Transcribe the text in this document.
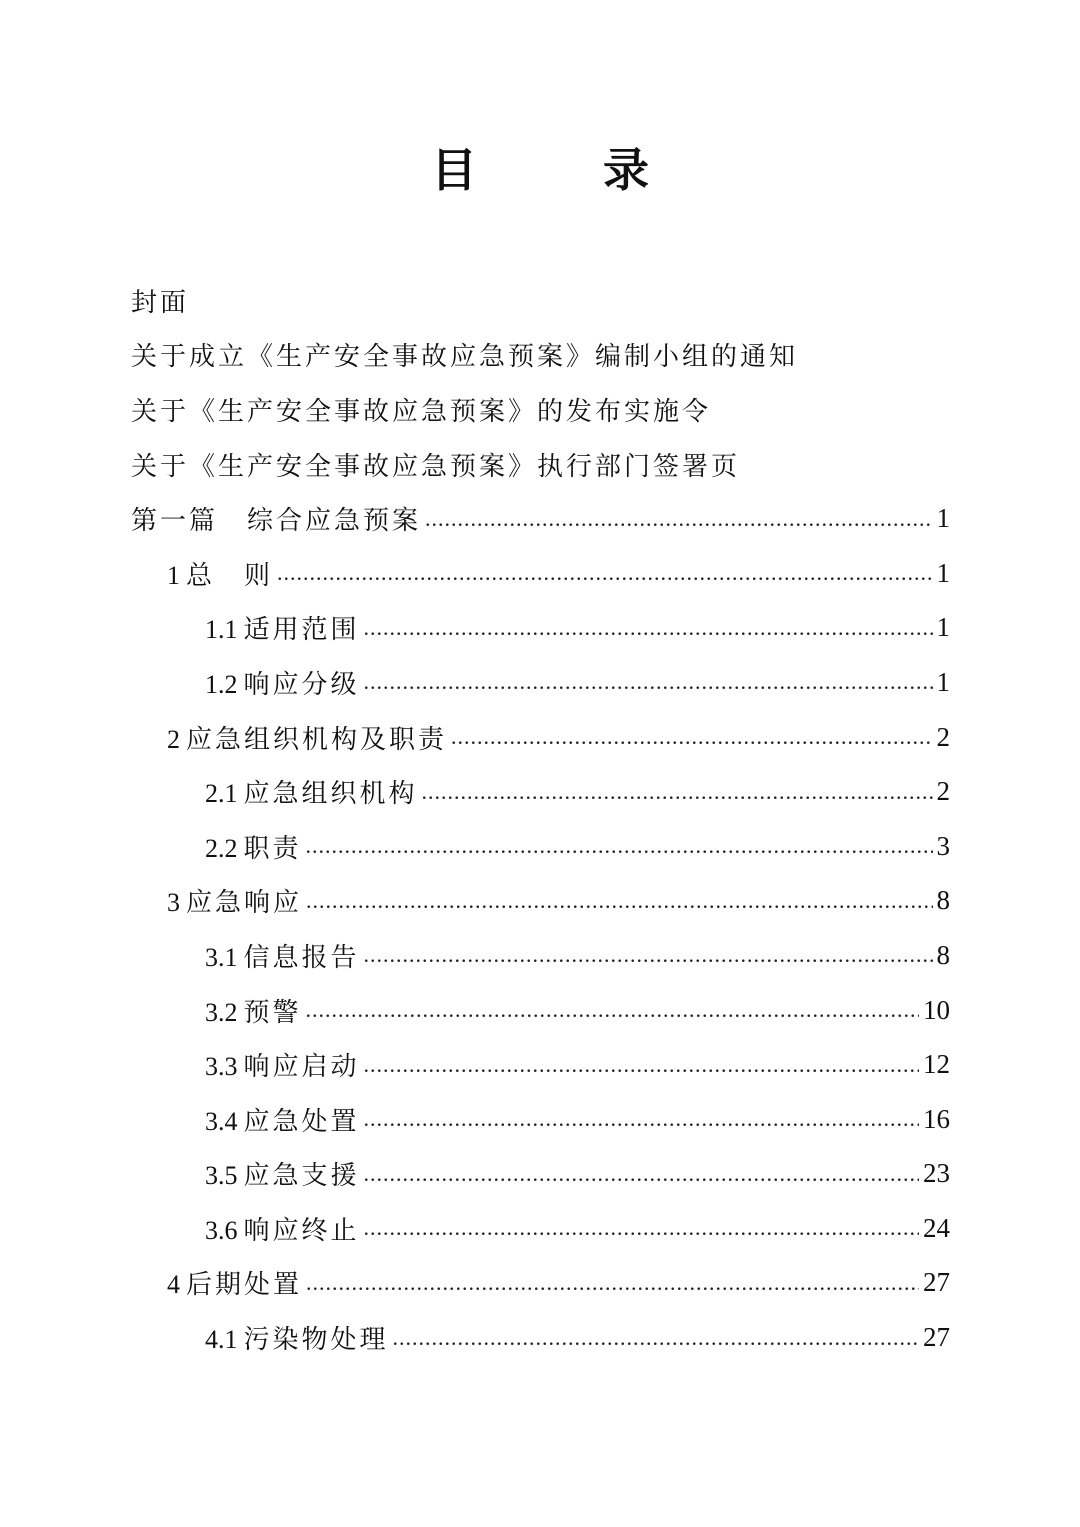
目　录
封面
关于成立《生产安全事故应急预案》编制小组的通知
关于《生产安全事故应急预案》的发布实施令
关于《生产安全事故应急预案》执行部门签署页
第一篇　综合应急预案 .....	1
1 总　则 .....	1
1.1 适用范围 .....	1
1.2 响应分级 .....	1
2 应急组织机构及职责 .....	2
2.1 应急组织机构 .....	2
2.2 职责 .....	3
3 应急响应 .....	8
3.1 信息报告 .....	8
3.2 预警 .....	10
3.3 响应启动 .....	12
3.4 应急处置 .....	16
3.5 应急支援 .....	23
3.6 响应终止 .....	24
4 后期处置 .....	27
4.1 污染物处理 .....	27
